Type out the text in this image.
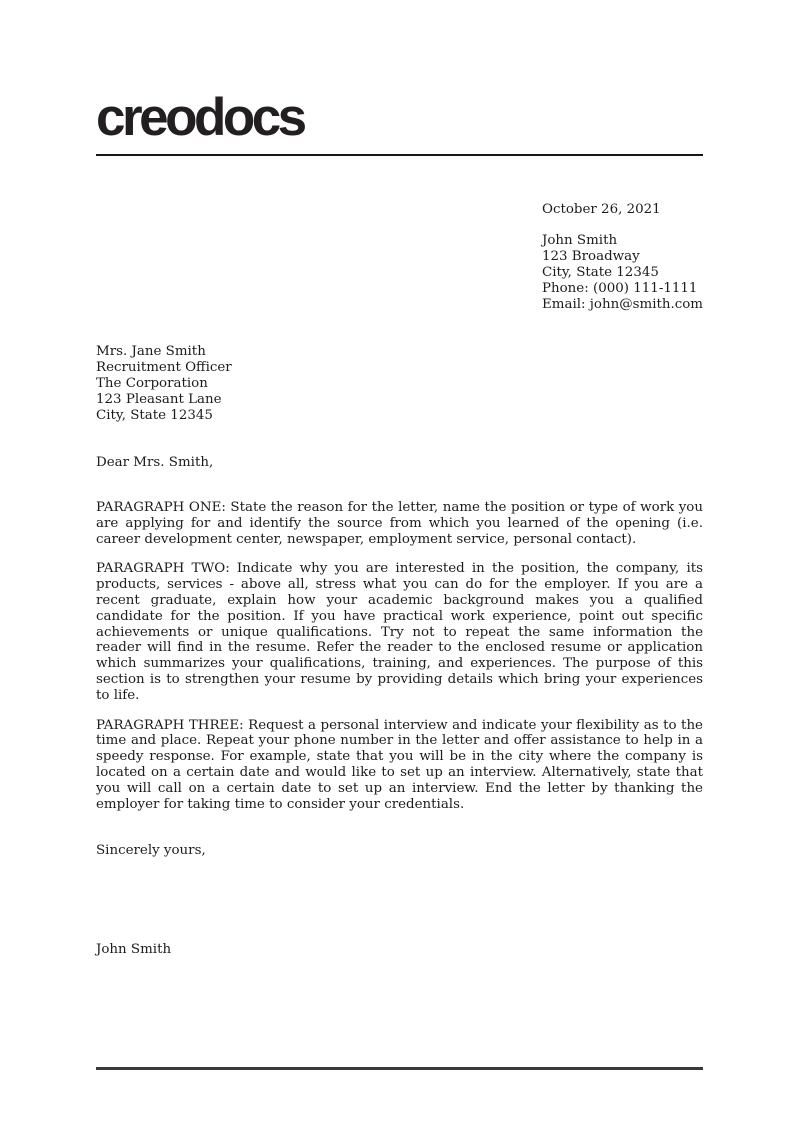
creodocs
October 26, 2021
John Smith
123 Broadway
City, State 12345
Phone: (000) 111-1111
Email: john@smith.com
Mrs. Jane Smith
Recruitment Officer
The Corporation
123 Pleasant Lane
City, State 12345
Dear Mrs. Smith,

PARAGRAPH ONE: State the reason for the letter, name the position or type of work you are applying for and identify the source from which you learned of the opening (i.e. career development center, newspaper, employment service, personal contact).

PARAGRAPH TWO: Indicate why you are interested in the position, the company, its products, services - above all, stress what you can do for the employer. If you are a recent graduate, explain how your academic background makes you a qualified candidate for the position. If you have practical work experience, point out specific achievements or unique qualifications. Try not to repeat the same information the reader will find in the resume. Refer the reader to the enclosed resume or application which summarizes your qualifications, training, and experiences. The purpose of this section is to strengthen your resume by providing details which bring your experiences to life.

PARAGRAPH THREE: Request a personal interview and indicate your flexibility as to the time and place. Repeat your phone number in the letter and offer assistance to help in a speedy response. For example, state that you will be in the city where the company is located on a certain date and would like to set up an interview. Alternatively, state that you will call on a certain date to set up an interview. End the letter by thanking the employer for taking time to consider your credentials.

Sincerely yours,
John Smith
